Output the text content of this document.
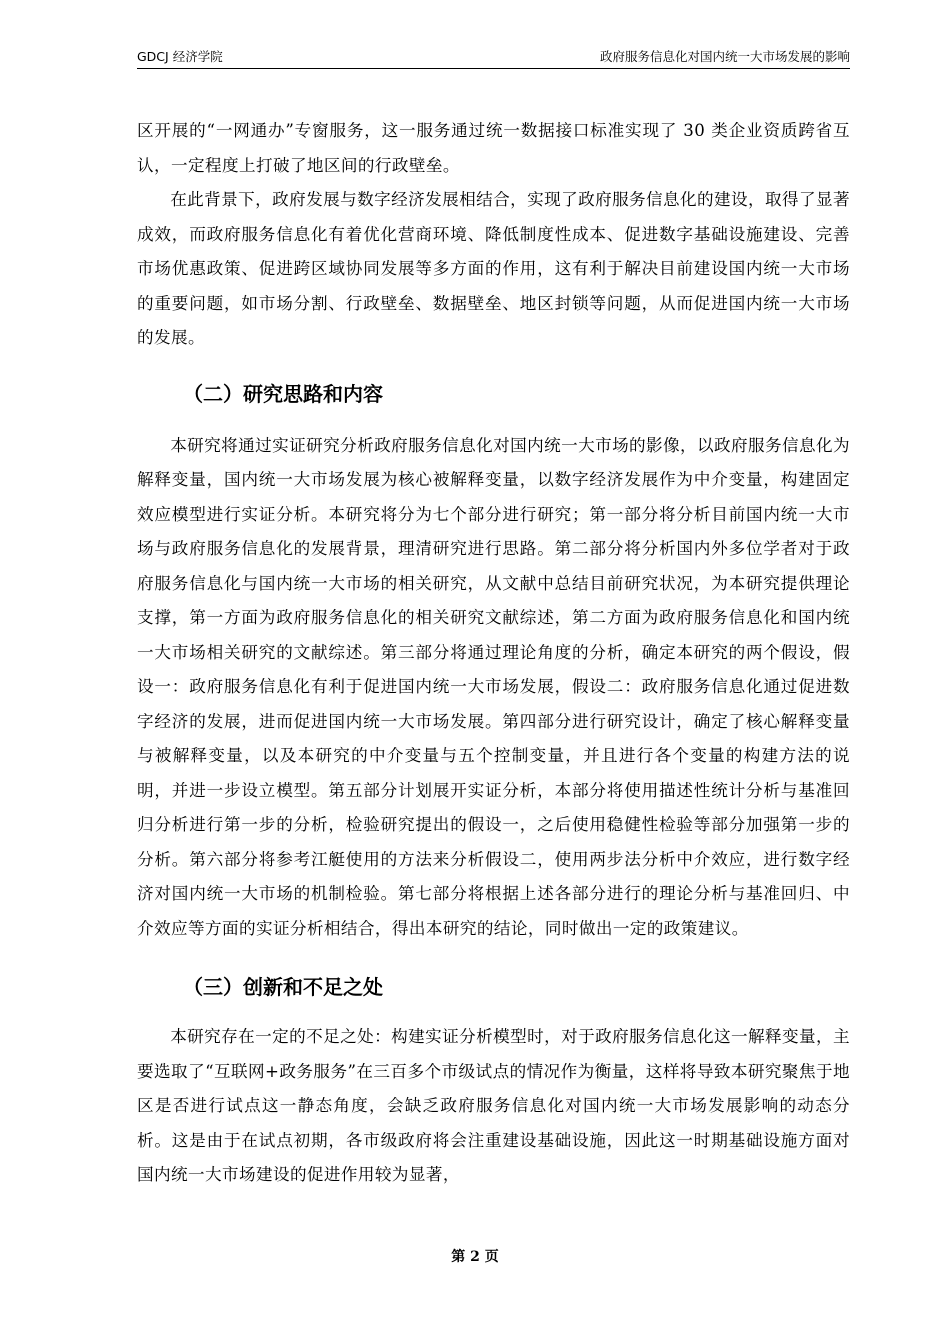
GDCJ 经济学院	政府服务信息化对国内统一大市场发展的影响

区开展的“一网通办”专窗服务，这一服务通过统一数据接口标准实现了 30 类企业资质跨省互认，一定程度上打破了地区间的行政壁垒。

在此背景下，政府发展与数字经济发展相结合，实现了政府服务信息化的建设，取得了显著成效，而政府服务信息化有着优化营商环境、降低制度性成本、促进数字基础设施建设、完善市场优惠政策、促进跨区域协同发展等多方面的作用，这有利于解决目前建设国内统一大市场的重要问题，如市场分割、行政壁垒、数据壁垒、地区封锁等问题，从而促进国内统一大市场的发展。

（二）研究思路和内容

本研究将通过实证研究分析政府服务信息化对国内统一大市场的影像，以政府服务信息化为解释变量，国内统一大市场发展为核心被解释变量，以数字经济发展作为中介变量，构建固定效应模型进行实证分析。本研究将分为七个部分进行研究；第一部分将分析目前国内统一大市场与政府服务信息化的发展背景，理清研究进行思路。第二部分将分析国内外多位学者对于政府服务信息化与国内统一大市场的相关研究，从文献中总结目前研究状况，为本研究提供理论支撑，第一方面为政府服务信息化的相关研究文献综述，第二方面为政府服务信息化和国内统一大市场相关研究的文献综述。第三部分将通过理论角度的分析，确定本研究的两个假设，假设一：政府服务信息化有利于促进国内统一大市场发展，假设二：政府服务信息化通过促进数字经济的发展，进而促进国内统一大市场发展。第四部分进行研究设计，确定了核心解释变量与被解释变量，以及本研究的中介变量与五个控制变量，并且进行各个变量的构建方法的说明，并进一步设立模型。第五部分计划展开实证分析，本部分将使用描述性统计分析与基准回归分析进行第一步的分析，检验研究提出的假设一，之后使用稳健性检验等部分加强第一步的分析。第六部分将参考江艇使用的方法来分析假设二，使用两步法分析中介效应，进行数字经济对国内统一大市场的机制检验。第七部分将根据上述各部分进行的理论分析与基准回归、中介效应等方面的实证分析相结合，得出本研究的结论，同时做出一定的政策建议。

（三）创新和不足之处

本研究存在一定的不足之处：构建实证分析模型时，对于政府服务信息化这一解释变量，主要选取了“互联网+政务服务”在三百多个市级试点的情况作为衡量，这样将导致本研究聚焦于地区是否进行试点这一静态角度，会缺乏政府服务信息化对国内统一大市场发展影响的动态分析。这是由于在试点初期，各市级政府将会注重建设基础设施，因此这一时期基础设施方面对国内统一大市场建设的促进作用较为显著，

第 2 页
